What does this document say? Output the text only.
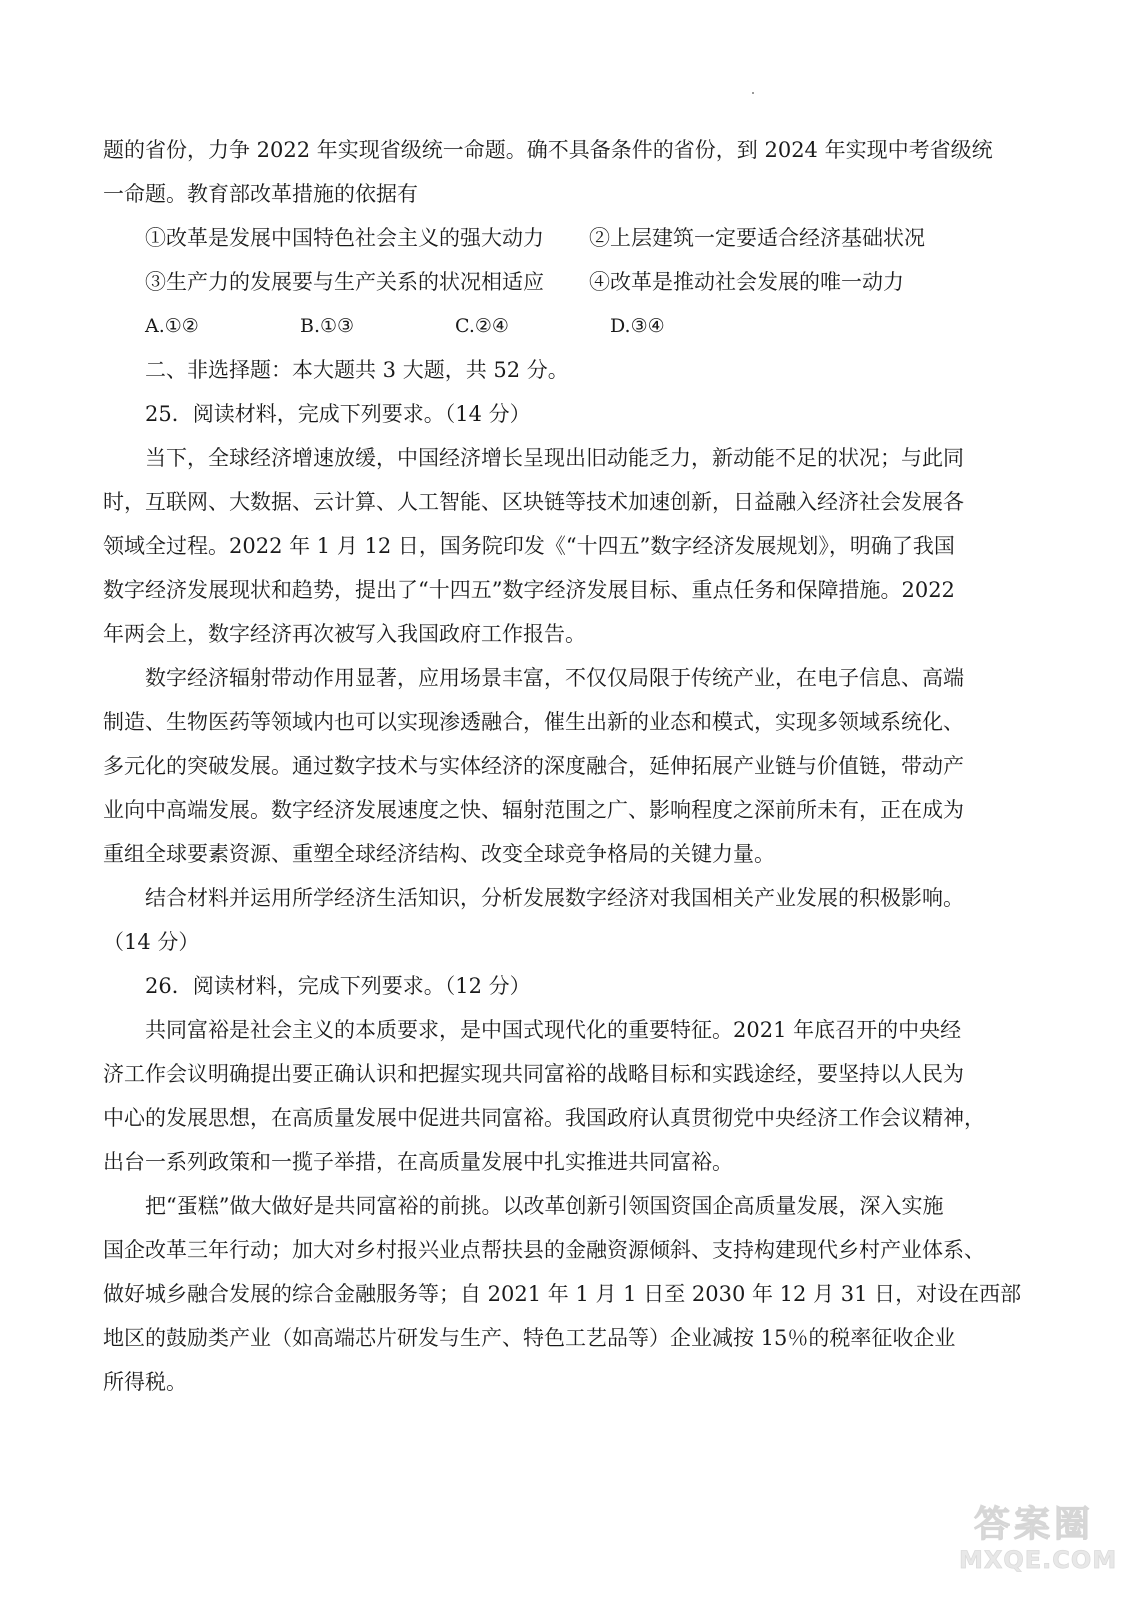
题的省份，力争 2022 年实现省级统一命题。确不具备条件的省份，到 2024 年实现中考省级统
一命题。教育部改革措施的依据有
①改革是发展中国特色社会主义的强大动力	②上层建筑一定要适合经济基础状况
③生产力的发展要与生产关系的状况相适应	④改革是推动社会发展的唯一动力
A.①②	B.①③	C.②④	D.③④
二、非选择题：本大题共 3 大题，共 52 分。
25．阅读材料，完成下列要求。（14 分）
当下，全球经济增速放缓，中国经济增长呈现出旧动能乏力，新动能不足的状况；与此同
时，互联网、大数据、云计算、人工智能、区块链等技术加速创新，日益融入经济社会发展各
领域全过程。2022 年 1 月 12 日，国务院印发《“十四五”数字经济发展规划》，明确了我国
数字经济发展现状和趋势，提出了“十四五”数字经济发展目标、重点任务和保障措施。2022
年两会上，数字经济再次被写入我国政府工作报告。
数字经济辐射带动作用显著，应用场景丰富，不仅仅局限于传统产业，在电子信息、高端
制造、生物医药等领域内也可以实现渗透融合，催生出新的业态和模式，实现多领域系统化、
多元化的突破发展。通过数字技术与实体经济的深度融合，延伸拓展产业链与价值链，带动产
业向中高端发展。数字经济发展速度之快、辐射范围之广、影响程度之深前所未有，正在成为
重组全球要素资源、重塑全球经济结构、改变全球竞争格局的关键力量。
结合材料并运用所学经济生活知识，分析发展数字经济对我国相关产业发展的积极影响。
（14 分）
26．阅读材料，完成下列要求。（12 分）
共同富裕是社会主义的本质要求，是中国式现代化的重要特征。2021 年底召开的中央经
济工作会议明确提出要正确认识和把握实现共同富裕的战略目标和实践途经，要坚持以人民为
中心的发展思想，在高质量发展中促进共同富裕。我国政府认真贯彻党中央经济工作会议精神，
出台一系列政策和一揽子举措，在高质量发展中扎实推进共同富裕。
把“蛋糕”做大做好是共同富裕的前挑。以改革创新引领国资国企高质量发展，深入实施
国企改革三年行动；加大对乡村报兴业点帮扶县的金融资源倾斜、支持构建现代乡村产业体系、
做好城乡融合发展的综合金融服务等；自 2021 年 1 月 1 日至 2030 年 12 月 31 日，对设在西部
地区的鼓励类产业（如高端芯片研发与生产、特色工艺品等）企业减按 15％的税率征收企业
所得税。
答案圈
MXQE.COM
